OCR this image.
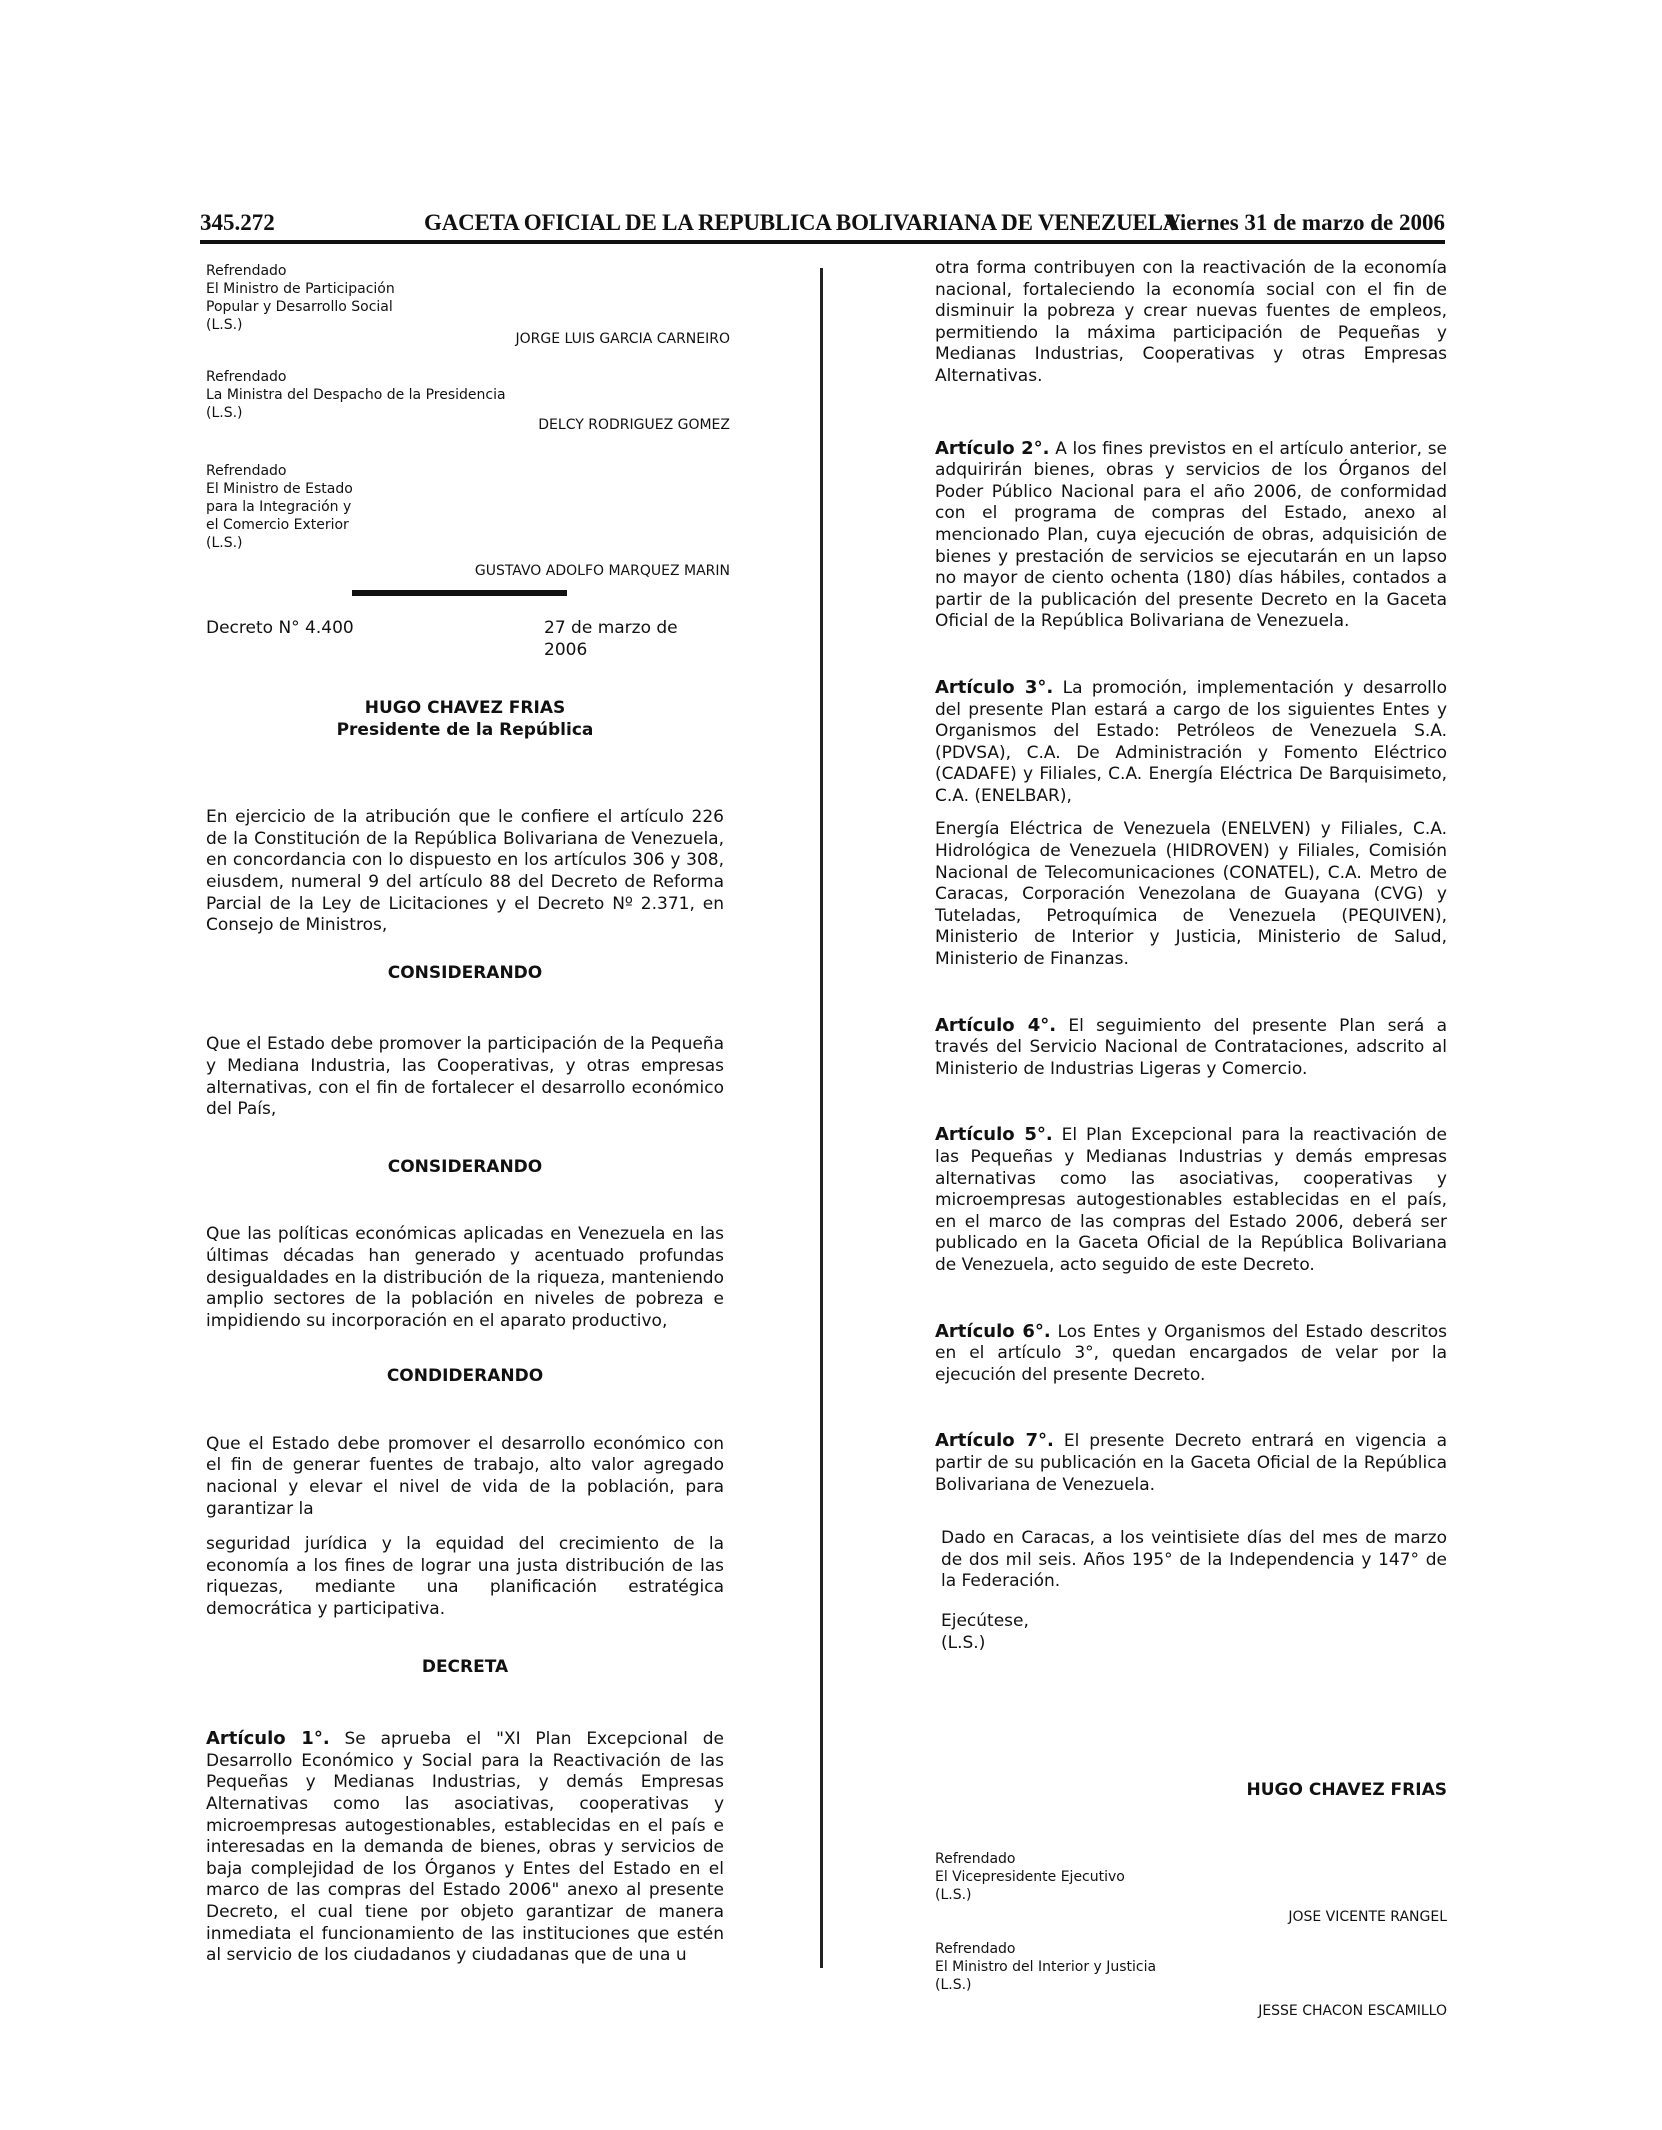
345.272	GACETA OFICIAL DE LA REPUBLICA BOLIVARIANA DE VENEZUELA
Viernes 31 de marzo de 2006
Refrendado
El Ministro de Participación
Popular y Desarrollo Social
(L.S.)
JORGE LUIS GARCIA CARNEIRO
Refrendado
La Ministra del Despacho de la Presidencia
(L.S.)
DELCY RODRIGUEZ GOMEZ
Refrendado
El Ministro de Estado
para la Integración y
el Comercio Exterior
(L.S.)
GUSTAVO ADOLFO MARQUEZ MARIN
Decreto N° 4.400	27 de marzo de 2006
HUGO CHAVEZ FRIAS
Presidente de la República

En ejercicio de la atribución que le confiere el artículo 226 de la Constitución de la República Bolivariana de Venezuela, en concordancia con lo dispuesto en los artículos 306 y 308, eiusdem, numeral 9 del artículo 88 del Decreto de Reforma Parcial de la Ley de Licitaciones y el Decreto Nº 2.371, en Consejo de Ministros,

CONSIDERANDO

Que el Estado debe promover la participación de la Pequeña y Mediana Industria, las Cooperativas, y otras empresas alternativas, con el fin de fortalecer el desarrollo económico del País,

CONSIDERANDO

Que las políticas económicas aplicadas en Venezuela en las últimas décadas han generado y acentuado profundas desigualdades en la distribución de la riqueza, manteniendo amplio sectores de la población en niveles de pobreza e impidiendo su incorporación en el aparato productivo,

CONDIDERANDO

Que el Estado debe promover el desarrollo económico con el fin de generar fuentes de trabajo, alto valor agregado nacional y elevar el nivel de vida de la población, para garantizar la

seguridad jurídica y la equidad del crecimiento de la economía a los fines de lograr una justa distribución de las riquezas, mediante una planificación estratégica democrática y participativa.

DECRETA

Artículo 1°. Se aprueba el "XI Plan Excepcional de Desarrollo Económico y Social para la Reactivación de las Pequeñas y Medianas Industrias, y demás Empresas Alternativas como las asociativas, cooperativas y microempresas autogestionables, establecidas en el país e interesadas en la demanda de bienes, obras y servicios de baja complejidad de los Órganos y Entes del Estado en el marco de las compras del Estado 2006" anexo al presente Decreto, el cual tiene por objeto garantizar de manera inmediata el funcionamiento de las instituciones que estén al servicio de los ciudadanos y ciudadanas que de una u

otra forma contribuyen con la reactivación de la economía nacional, fortaleciendo la economía social con el fin de disminuir la pobreza y crear nuevas fuentes de empleos, permitiendo la máxima participación de Pequeñas y Medianas Industrias, Cooperativas y otras Empresas Alternativas.

Artículo 2°. A los fines previstos en el artículo anterior, se adquirirán bienes, obras y servicios de los Órganos del Poder Público Nacional para el año 2006, de conformidad con el programa de compras del Estado, anexo al mencionado Plan, cuya ejecución de obras, adquisición de bienes y prestación de servicios se ejecutarán en un lapso no mayor de ciento ochenta (180) días hábiles, contados a partir de la publicación del presente Decreto en la Gaceta Oficial de la República Bolivariana de Venezuela.

Artículo 3°. La promoción, implementación y desarrollo del presente Plan estará a cargo de los siguientes Entes y Organismos del Estado: Petróleos de Venezuela S.A. (PDVSA), C.A. De Administración y Fomento Eléctrico (CADAFE) y Filiales, C.A. Energía Eléctrica De Barquisimeto, C.A. (ENELBAR),

Energía Eléctrica de Venezuela (ENELVEN) y Filiales, C.A. Hidrológica de Venezuela (HIDROVEN) y Filiales, Comisión Nacional de Telecomunicaciones (CONATEL), C.A. Metro de Caracas, Corporación Venezolana de Guayana (CVG) y Tuteladas, Petroquímica de Venezuela (PEQUIVEN), Ministerio de Interior y Justicia, Ministerio de Salud, Ministerio de Finanzas.

Artículo 4°. El seguimiento del presente Plan será a través del Servicio Nacional de Contrataciones, adscrito al Ministerio de Industrias Ligeras y Comercio.

Artículo 5°. El Plan Excepcional para la reactivación de las Pequeñas y Medianas Industrias y demás empresas alternativas como las asociativas, cooperativas y microempresas autogestionables establecidas en el país, en el marco de las compras del Estado 2006, deberá ser publicado en la Gaceta Oficial de la República Bolivariana de Venezuela, acto seguido de este Decreto.

Artículo 6°. Los Entes y Organismos del Estado descritos en el artículo 3°, quedan encargados de velar por la ejecución del presente Decreto.

Artículo 7°. El presente Decreto entrará en vigencia a partir de su publicación en la Gaceta Oficial de la República Bolivariana de Venezuela.

Dado en Caracas, a los veintisiete días del mes de marzo de dos mil seis. Años 195° de la Independencia y 147° de la Federación.

Ejecútese,
(L.S.)
HUGO CHAVEZ FRIAS
Refrendado
El Vicepresidente Ejecutivo
(L.S.)
JOSE VICENTE RANGEL
Refrendado
El Ministro del Interior y Justicia
(L.S.)
JESSE CHACON ESCAMILLO
